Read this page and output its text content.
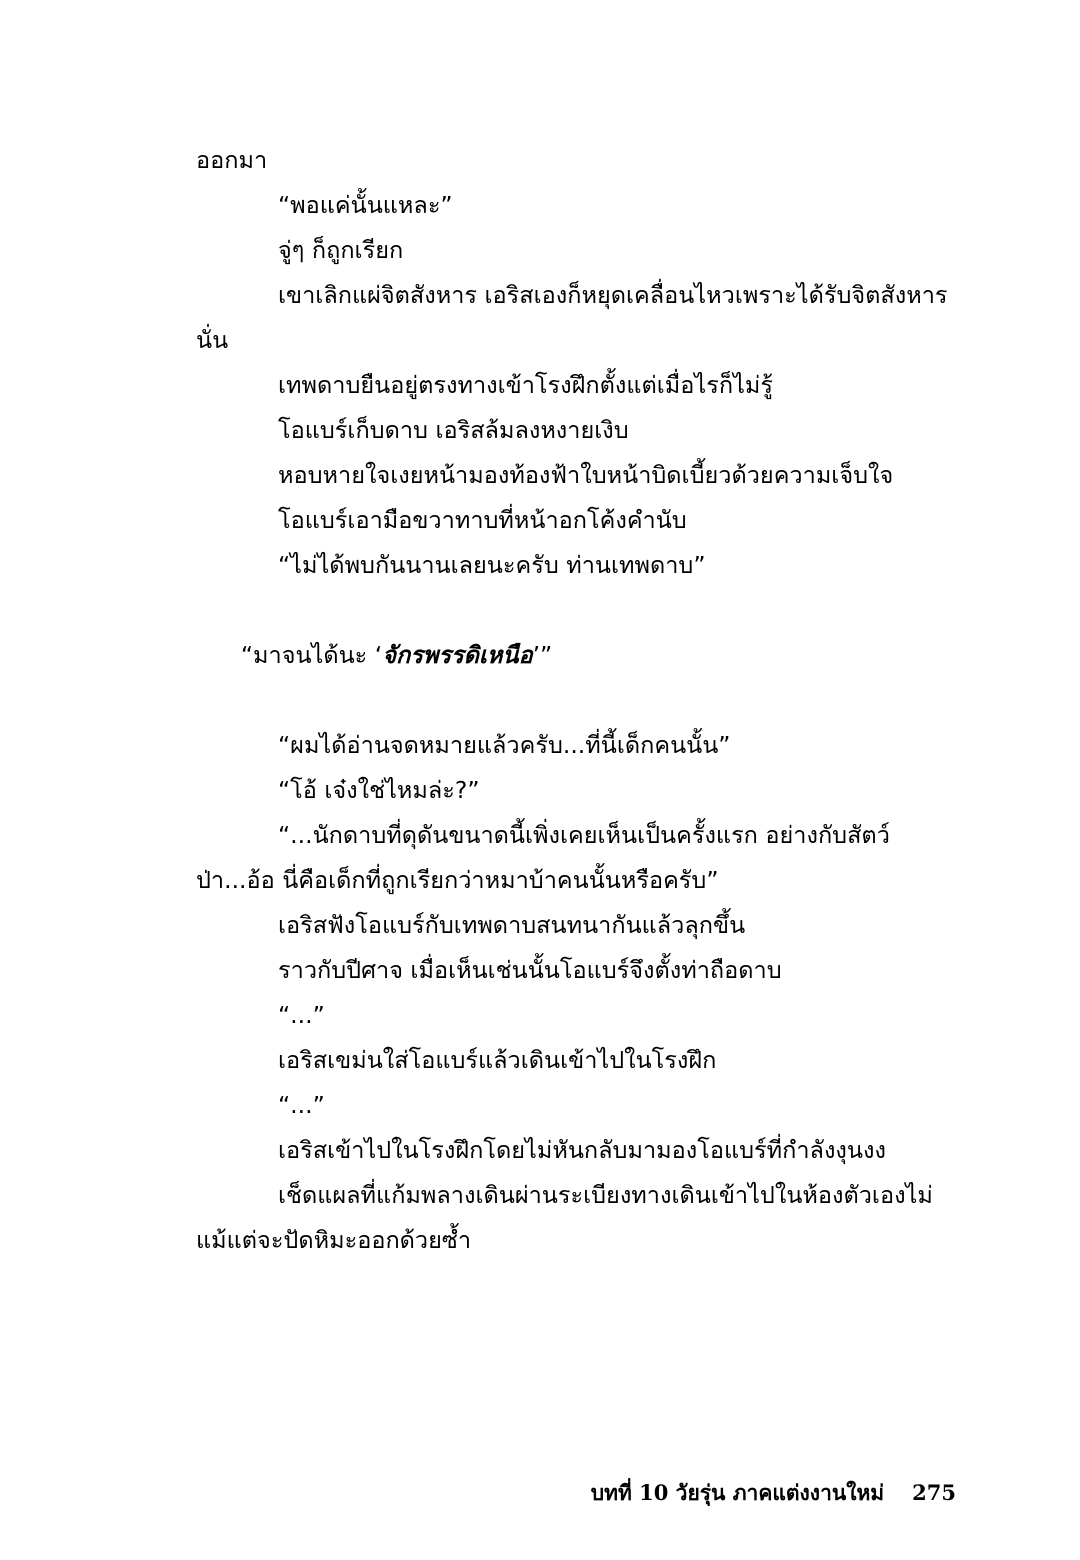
ออกมา

“พอแค่นั้นแหละ”

จู่ๆ ก็ถูกเรียก

เขาเลิกแผ่จิตสังหาร เอริสเองก็หยุดเคลื่อนไหวเพราะได้รับจิตสังหารนั่น

เทพดาบยืนอยู่ตรงทางเข้าโรงฝึกตั้งแต่เมื่อไรก็ไม่รู้

โอแบร์เก็บดาบ เอริสล้มลงหงายเงิบ

หอบหายใจเงยหน้ามองท้องฟ้าใบหน้าบิดเบี้ยวด้วยความเจ็บใจ

โอแบร์เอามือขวาทาบที่หน้าอกโค้งคำนับ

“ไม่ได้พบกันนานเลยนะครับ ท่านเทพดาบ”

“มาจนได้นะ ‘จักรพรรดิเหนือ’”

“ผมได้อ่านจดหมายแล้วครับ...ที่นี้เด็กคนนั้น”

“โอ้ เจ๋งใช่ไหมล่ะ?”

“...นักดาบที่ดุดันขนาดนี้เพิ่งเคยเห็นเป็นครั้งแรก อย่างกับสัตว์ป่า...อ้อ นี่คือเด็กที่ถูกเรียกว่าหมาบ้าคนนั้นหรือครับ”

เอริสฟังโอแบร์กับเทพดาบสนทนากันแล้วลุกขึ้น

ราวกับปีศาจ เมื่อเห็นเช่นนั้นโอแบร์จึงตั้งท่าถือดาบ

“...”

เอริสเขม่นใส่โอแบร์แล้วเดินเข้าไปในโรงฝึก

“...”

เอริสเข้าไปในโรงฝึกโดยไม่หันกลับมามองโอแบร์ที่กำลังงุนงง

เช็ดแผลที่แก้มพลางเดินผ่านระเบียงทางเดินเข้าไปในห้องตัวเองไม่แม้แต่จะปัดหิมะออกด้วยซ้ำ

บทที่ 10 วัยรุ่น ภาคแต่งงานใหม่ 275
